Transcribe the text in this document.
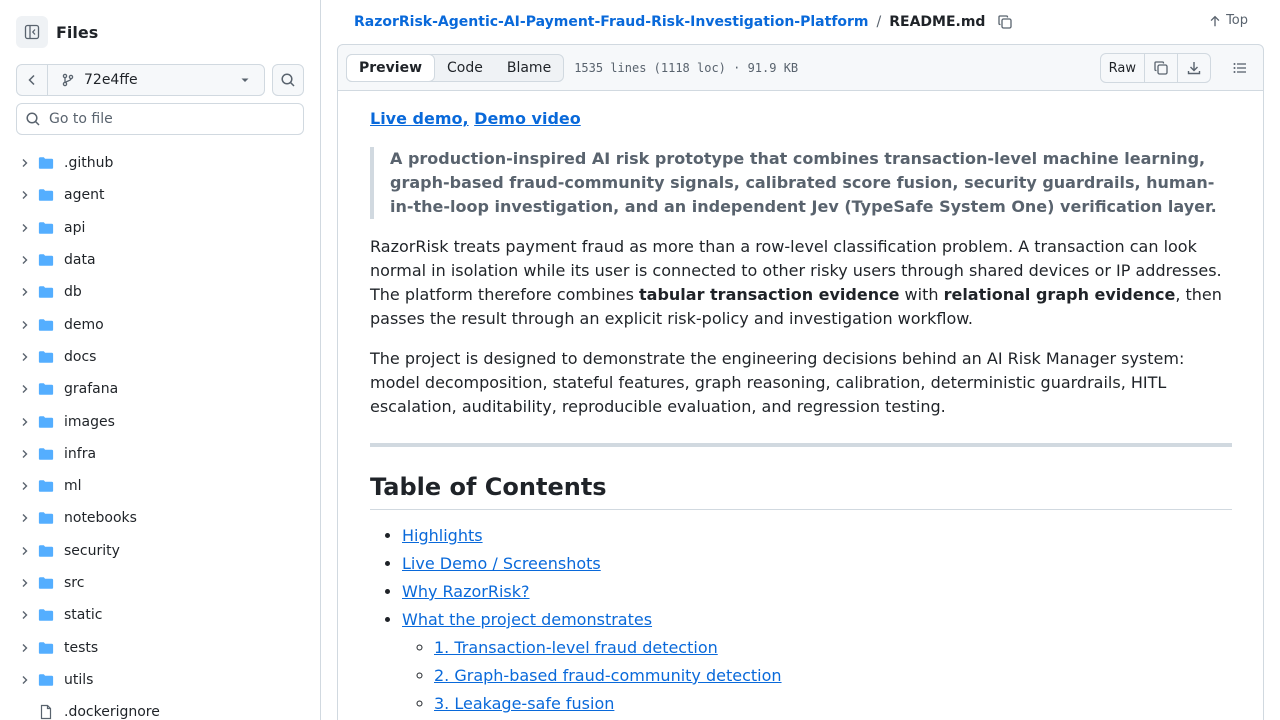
Files
72e4ffe
Go to file
.github
agent
api
data
db
demo
docs
grafana
images
infra
ml
notebooks
security
src
static
tests
utils
.dockerignore
RazorRisk-Agentic-AI-Payment-Fraud-Risk-Investigation-Platform / README.md	Top
Preview	Code	Blame	1535 lines (1118 loc) · 91.9 KB	Raw
Live demo, Demo video
A production-inspired AI risk prototype that combines transaction-level machine learning, graph-based fraud-community signals, calibrated score fusion, security guardrails, human-in-the-loop investigation, and an independent Jev (TypeSafe System One) verification layer.

RazorRisk treats payment fraud as more than a row-level classification problem. A transaction can look normal in isolation while its user is connected to other risky users through shared devices or IP addresses. The platform therefore combines tabular transaction evidence with relational graph evidence, then passes the result through an explicit risk-policy and investigation workflow.

The project is designed to demonstrate the engineering decisions behind an AI Risk Manager system: model decomposition, stateful features, graph reasoning, calibration, deterministic guardrails, HITL escalation, auditability, reproducible evaluation, and regression testing.

Table of Contents
• Highlights
• Live Demo / Screenshots
• Why RazorRisk?
• What the project demonstrates
◦ 1. Transaction-level fraud detection
◦ 2. Graph-based fraud-community detection
◦ 3. Leakage-safe fusion
